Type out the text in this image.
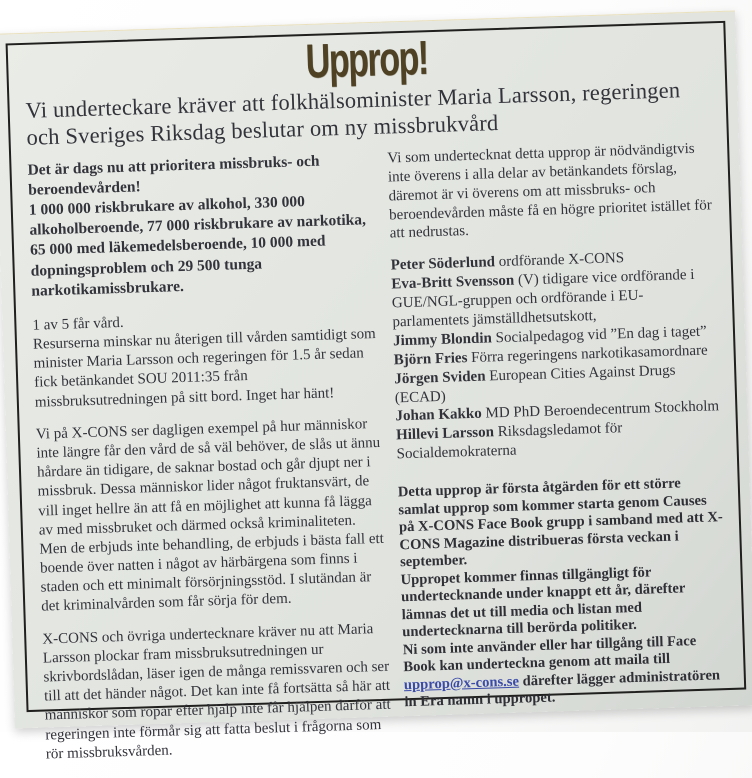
Upprop!
Vi underteckare kräver att folkhälsominister Maria Larsson, regeringen och Sveriges Riksdag beslutar om ny missbrukvård

Det är dags nu att prioritera missbruks- och beroendevården!
1 000 000 riskbrukare av alkohol, 330 000 alkoholberoende, 77 000 riskbrukare av narkotika, 65 000 med läkemedelsberoende, 10 000 med dopningsproblem och 29 500 tunga narkotikamissbrukare.

1 av 5 får vård.
Resurserna minskar nu återigen till vården samtidigt som minister Maria Larsson och regeringen för 1.5 år sedan fick betänkandet SOU 2011:35 från missbruksutredningen på sitt bord. Inget har hänt!

Vi på X-CONS ser dagligen exempel på hur människor inte längre får den vård de så väl behöver, de slås ut ännu hårdare än tidigare, de saknar bostad och går djupt ner i missbruk. Dessa människor lider något fruktansvärt, de vill inget hellre än att få en möjlighet att kunna få lägga av med missbruket och därmed också kriminaliteten. Men de erbjuds inte behandling, de erbjuds i bästa fall ett boende över natten i något av härbärgena som finns i staden och ett minimalt försörjningsstöd. I slutändan är det kriminalvården som får sörja för dem.

X-CONS och övriga undertecknare kräver nu att Maria Larsson plockar fram missbruksutredningen ur skrivbordslådan, läser igen de många remissvaren och ser till att det händer något. Det kan inte få fortsätta så här att människor som ropar efter hjälp inte får hjälpen därför att regeringen inte förmår sig att fatta beslut i frågorna som rör missbruksvården.

Vi som undertecknat detta upprop är nödvändigtvis inte överens i alla delar av betänkandets förslag, däremot är vi överens om att missbruks- och beroendevården måste få en högre prioritet istället för att nedrustas.

Peter Söderlund ordförande X-CONS
Eva-Britt Svensson (V) tidigare vice ordförande i GUE/NGL-gruppen och ordförande i EU-parlamentets jämställdhetsutskott,
Jimmy Blondin Socialpedagog vid ”En dag i taget”
Björn Fries Förra regeringens narkotikasamordnare
Jörgen Sviden European Cities Against Drugs (ECAD)
Johan Kakko MD PhD Beroendecentrum Stockholm
Hillevi Larsson Riksdagsledamot för Socialdemokraterna

Detta upprop är första åtgärden för ett större samlat upprop som kommer starta genom Causes på X-CONS Face Book grupp i samband med att X-CONS Magazine distribueras första veckan i september.
Uppropet kommer finnas tillgängligt för undertecknande under knappt ett år, därefter lämnas det ut till media och listan med undertecknarna till berörda politiker.
Ni som inte använder eller har tillgång till Face Book kan underteckna genom att maila till upprop@x-cons.se därefter lägger administratören in Era namn i uppropet.
